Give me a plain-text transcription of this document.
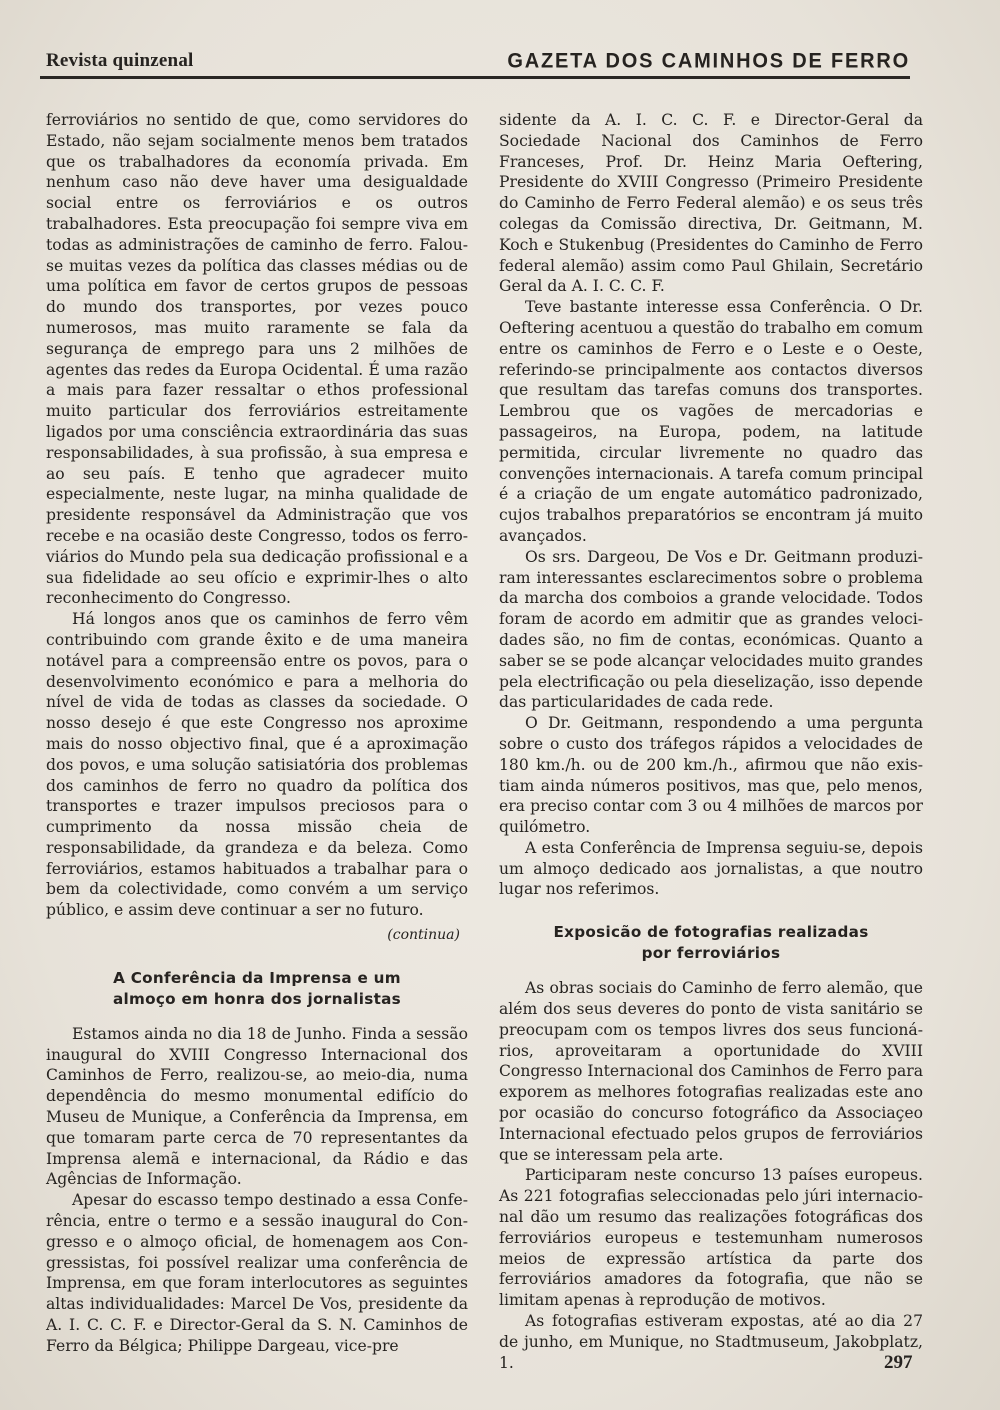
Revista quinzenal	GAZETA DOS CAMINHOS DE FERRO

ferroviários no sentido de que, como servidores do Estado, não sejam socialmente menos bem tratados que os trabalhadores da economía privada. Em nenhum caso não deve haver uma desigualdade social entre os ferroviários e os outros trabalhadores. Esta preocupação foi sempre viva em todas as administrações de caminho de ferro. Falou-se muitas vezes da política das classes médias ou de uma política em favor de certos grupos de pessoas do mundo dos transportes, por vezes pouco numerosos, mas muito raramente se fala da segurança de emprego para uns 2 milhões de agentes das redes da Europa Ocidental. É uma razão a mais para fazer ressaltar o ethos professional muito particular dos ferroviários estreitamente ligados por uma consciência extraordinária das suas responsabilidades, à sua profissão, à sua empresa e ao seu país. E tenho que agradecer muito especialmente, neste lugar, na minha qualidade de presidente responsável da Administração que vos recebe e na ocasião deste Congresso, todos os ferroviários do Mundo pela sua dedicação profissional e a sua fidelidade ao seu ofício e exprimir-lhes o alto reconhecimento do Congresso.

Há longos anos que os caminhos de ferro vêm contribuindo com grande êxito e de uma maneira notável para a compreensão entre os povos, para o desenvolvimento económico e para a melhoria do nível de vida de todas as classes da sociedade. O nosso desejo é que este Congresso nos aproxime mais do nosso objectivo final, que é a aproximação dos povos, e uma solução satisiatória dos problemas dos caminhos de ferro no quadro da política dos transportes e trazer impulsos preciosos para o cumprimento da nossa missão cheia de responsabilidade, da grandeza e da beleza. Como ferroviários, estamos habituados a trabalhar para o bem da colectividade, como convém a um serviço público, e assim deve continuar a ser no futuro.

(continua)

A Conferência da Imprensa e um
almoço em honra dos jornalistas

Estamos ainda no dia 18 de Junho. Finda a sessão inaugural do XVIII Congresso Internacional dos Caminhos de Ferro, realizou-se, ao meio-dia, numa dependência do mesmo monumental edifício do Museu de Munique, a Conferência da Imprensa, em que tomaram parte cerca de 70 representantes da Imprensa alemã e internacional, da Rádio e das Agências de Informação.

Apesar do escasso tempo destinado a essa Conferência, entre o termo e a sessão inaugural do Congresso e o almoço oficial, de homenagem aos Congressistas, foi possível realizar uma conferência de Imprensa, em que foram interlocutores as seguintes altas individualidades: Marcel De Vos, presidente da A. I. C. C. F. e Director-Geral da S. N. Caminhos de Ferro da Bélgica; Philippe Dargeau, vice-pre

sidente da A. I. C. C. F. e Director-Geral da Sociedade Nacional dos Caminhos de Ferro Franceses, Prof. Dr. Heinz Maria Oeftering, Presidente do XVIII Congresso (Primeiro Presidente do Caminho de Ferro Federal alemão) e os seus três colegas da Comissão directiva, Dr. Geitmann, M. Koch e Stukenbug (Presidentes do Caminho de Ferro federal alemão) assim como Paul Ghilain, Secretário Geral da A. I. C. C. F.

Teve bastante interesse essa Conferência. O Dr. Oeftering acentuou a questão do trabalho em comum entre os caminhos de Ferro e o Leste e o Oeste, referindo-se principalmente aos contactos diversos que resultam das tarefas comuns dos transportes. Lembrou que os vagões de mercadorias e passageiros, na Europa, podem, na latitude permitida, circular livremente no quadro das convenções internacionais. A tarefa comum principal é a criação de um engate automático padronizado, cujos trabalhos preparatórios se encontram já muito avançados.

Os srs. Dargeou, De Vos e Dr. Geitmann produziram interessantes esclarecimentos sobre o problema da marcha dos comboios a grande velocidade. Todos foram de acordo em admitir que as grandes velocidades são, no fim de contas, económicas. Quanto a saber se se pode alcançar velocidades muito grandes pela electrificação ou pela dieselização, isso depende das particularidades de cada rede.

O Dr. Geitmann, respondendo a uma pergunta sobre o custo dos tráfegos rápidos a velocidades de 180 km./h. ou de 200 km./h., afirmou que não existiam ainda números positivos, mas que, pelo menos, era preciso contar com 3 ou 4 milhões de marcos por quilómetro.

A esta Conferência de Imprensa seguiu-se, depois um almoço dedicado aos jornalistas, a que noutro lugar nos referimos.

Exposicão de fotografias realizadas
por ferroviários

As obras sociais do Caminho de ferro alemão, que além dos seus deveres do ponto de vista sanitário se preocupam com os tempos livres dos seus funcionários, aproveitaram a oportunidade do XVIII Congresso Internacional dos Caminhos de Ferro para exporem as melhores fotografias realizadas este ano por ocasião do concurso fotográfico da Associaçeo Internacional efectuado pelos grupos de ferroviários que se interessam pela arte.

Participaram neste concurso 13 países europeus. As 221 fotografias seleccionadas pelo júri internacional dão um resumo das realizações fotográficas dos ferroviários europeus e testemunham numerosos meios de expressão artística da parte dos ferroviários amadores da fotografia, que não se limitam apenas à reprodução de motivos.

As fotografias estiveram expostas, até ao dia 27 de junho, em Munique, no Stadtmuseum, Jakobplatz, 1.	297
